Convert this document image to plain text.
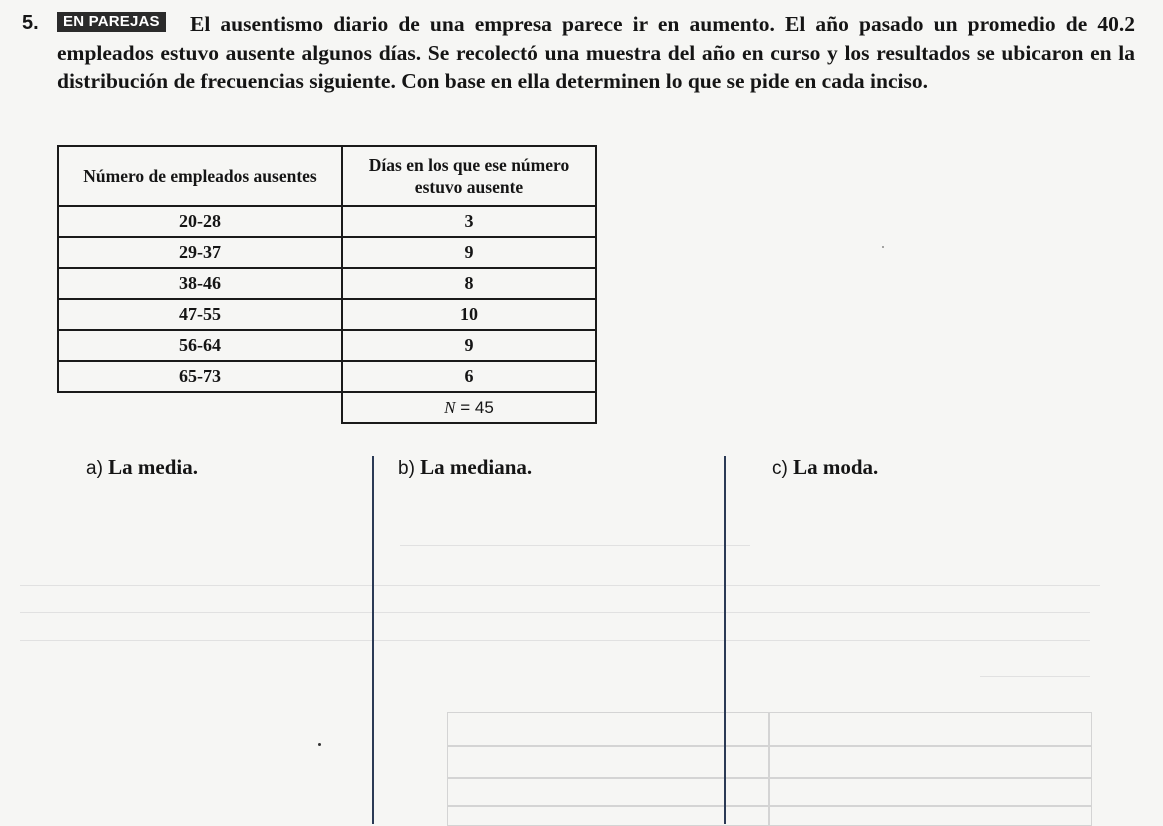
5.	El ausentismo diario de una empresa parece ir en aumento. El año pasado un promedio de 40.2 empleados estuvo ausente algunos días. Se recolectó una muestra del año en curso y los resultados se ubicaron en la distribución de frecuencias siguiente. Con base en ella determinen lo que se pide en cada inciso.

EN PAREJAS
Número de empleados ausentes	Días en los que ese número estuvo ausente
20-28	3
29-37	9
38-46	8
47-55	10
56-64	9
65-73	6
	N = 45
a) La media.	b) La mediana.	c) La moda.
